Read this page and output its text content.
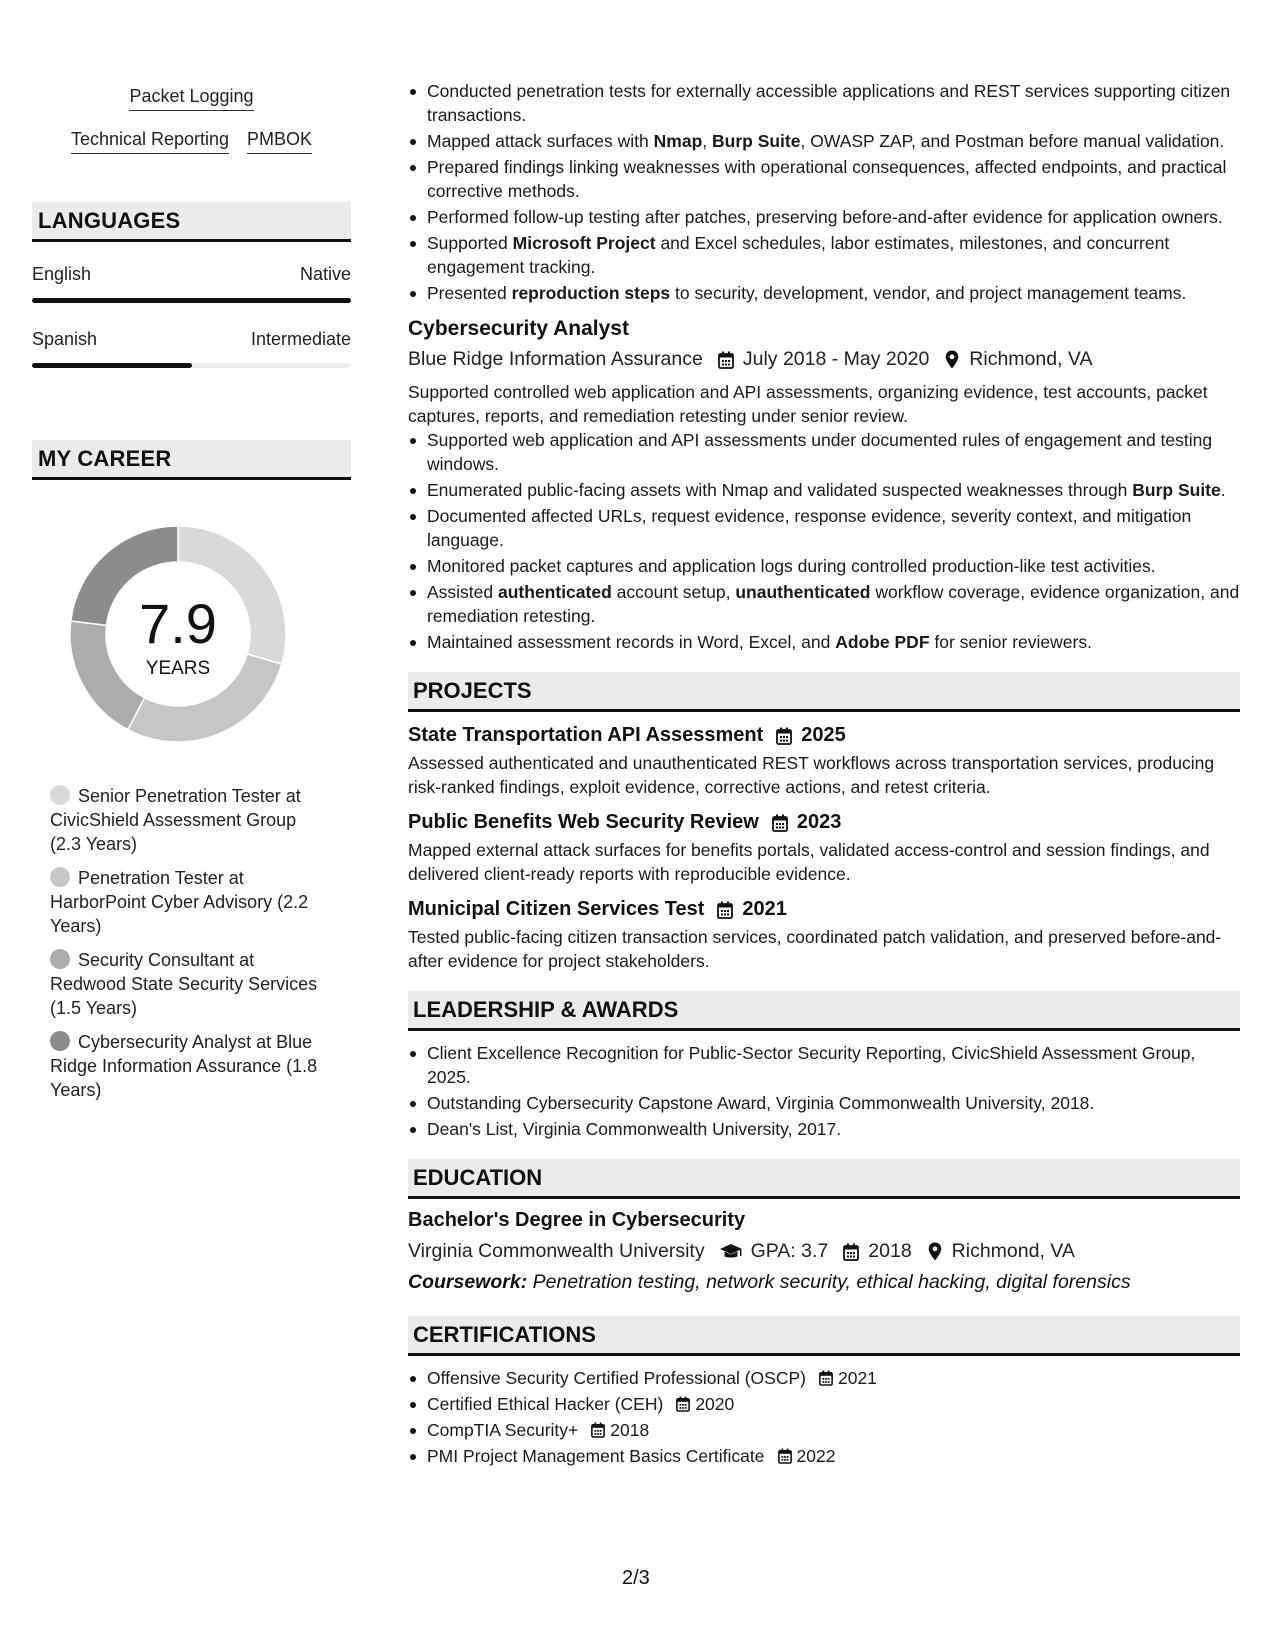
Packet Logging
Technical Reporting PMBOK
LANGUAGES
English	Native
Spanish	Intermediate
MY CAREER
7.9
YEARS
Senior Penetration Tester at CivicShield Assessment Group (2.3 Years)
Penetration Tester at HarborPoint Cyber Advisory (2.2 Years)
Security Consultant at Redwood State Security Services (1.5 Years)
Cybersecurity Analyst at Blue Ridge Information Assurance (1.8 Years)
Conducted penetration tests for externally accessible applications and REST services supporting citizen transactions.
Mapped attack surfaces with Nmap, Burp Suite, OWASP ZAP, and Postman before manual validation.
Prepared findings linking weaknesses with operational consequences, affected endpoints, and practical corrective methods.
Performed follow-up testing after patches, preserving before-and-after evidence for application owners.
Supported Microsoft Project and Excel schedules, labor estimates, milestones, and concurrent engagement tracking.
Presented reproduction steps to security, development, vendor, and project management teams.
Cybersecurity Analyst
Blue Ridge Information Assurance July 2018 - May 2020 Richmond, VA
Supported controlled web application and API assessments, organizing evidence, test accounts, packet captures, reports, and remediation retesting under senior review.
Supported web application and API assessments under documented rules of engagement and testing windows.
Enumerated public-facing assets with Nmap and validated suspected weaknesses through Burp Suite.
Documented affected URLs, request evidence, response evidence, severity context, and mitigation language.
Monitored packet captures and application logs during controlled production-like test activities.
Assisted authenticated account setup, unauthenticated workflow coverage, evidence organization, and remediation retesting.
Maintained assessment records in Word, Excel, and Adobe PDF for senior reviewers.
PROJECTS
State Transportation API Assessment 2025
Assessed authenticated and unauthenticated REST workflows across transportation services, producing risk-ranked findings, exploit evidence, corrective actions, and retest criteria.
Public Benefits Web Security Review 2023
Mapped external attack surfaces for benefits portals, validated access-control and session findings, and delivered client-ready reports with reproducible evidence.
Municipal Citizen Services Test 2021
Tested public-facing citizen transaction services, coordinated patch validation, and preserved before-and-after evidence for project stakeholders.
LEADERSHIP & AWARDS
Client Excellence Recognition for Public-Sector Security Reporting, CivicShield Assessment Group, 2025.
Outstanding Cybersecurity Capstone Award, Virginia Commonwealth University, 2018.
Dean's List, Virginia Commonwealth University, 2017.
EDUCATION
Bachelor's Degree in Cybersecurity
Virginia Commonwealth University GPA: 3.7 2018 Richmond, VA
Coursework: Penetration testing, network security, ethical hacking, digital forensics
CERTIFICATIONS
Offensive Security Certified Professional (OSCP) 2021
Certified Ethical Hacker (CEH) 2020
CompTIA Security+ 2018
PMI Project Management Basics Certificate 2022
2/3
